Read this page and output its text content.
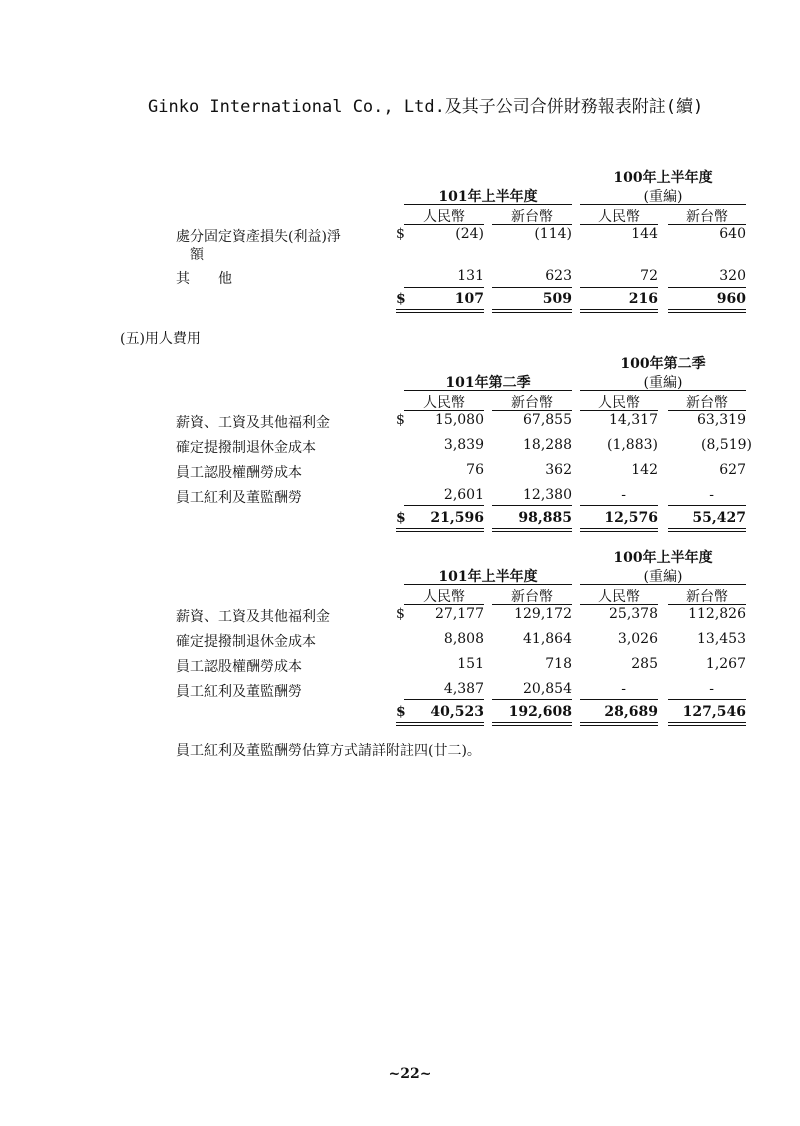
Ginko International Co., Ltd.及其子公司合併財務報表附註(續)
101年上半年度
100年上半年度
(重編)
人民幣	新台幣	人民幣	新台幣
處分固定資產損失(利益)淨
額
$	(24)	(114)	144	640
其　　他	131	623	72	320
$	107	509	216	960
(五)用人費用
101年第二季
100年第二季
(重編)
人民幣	新台幣	人民幣	新台幣
薪資、工資及其他福利金	$	15,080	67,855	14,317	63,319
確定提撥制退休金成本	3,839	18,288	(1,883)	(8,519)
員工認股權酬勞成本	76	362	142	627
員工紅利及董監酬勞	2,601	12,380	-	-
$	21,596	98,885	12,576	55,427
101年上半年度
100年上半年度
(重編)
人民幣	新台幣	人民幣	新台幣
薪資、工資及其他福利金	$	27,177	129,172	25,378	112,826
確定提撥制退休金成本	8,808	41,864	3,026	13,453
員工認股權酬勞成本	151	718	285	1,267
員工紅利及董監酬勞	4,387	20,854	-	-
$	40,523	192,608	28,689	127,546
員工紅利及董監酬勞估算方式請詳附註四(廿二)。
~22~
